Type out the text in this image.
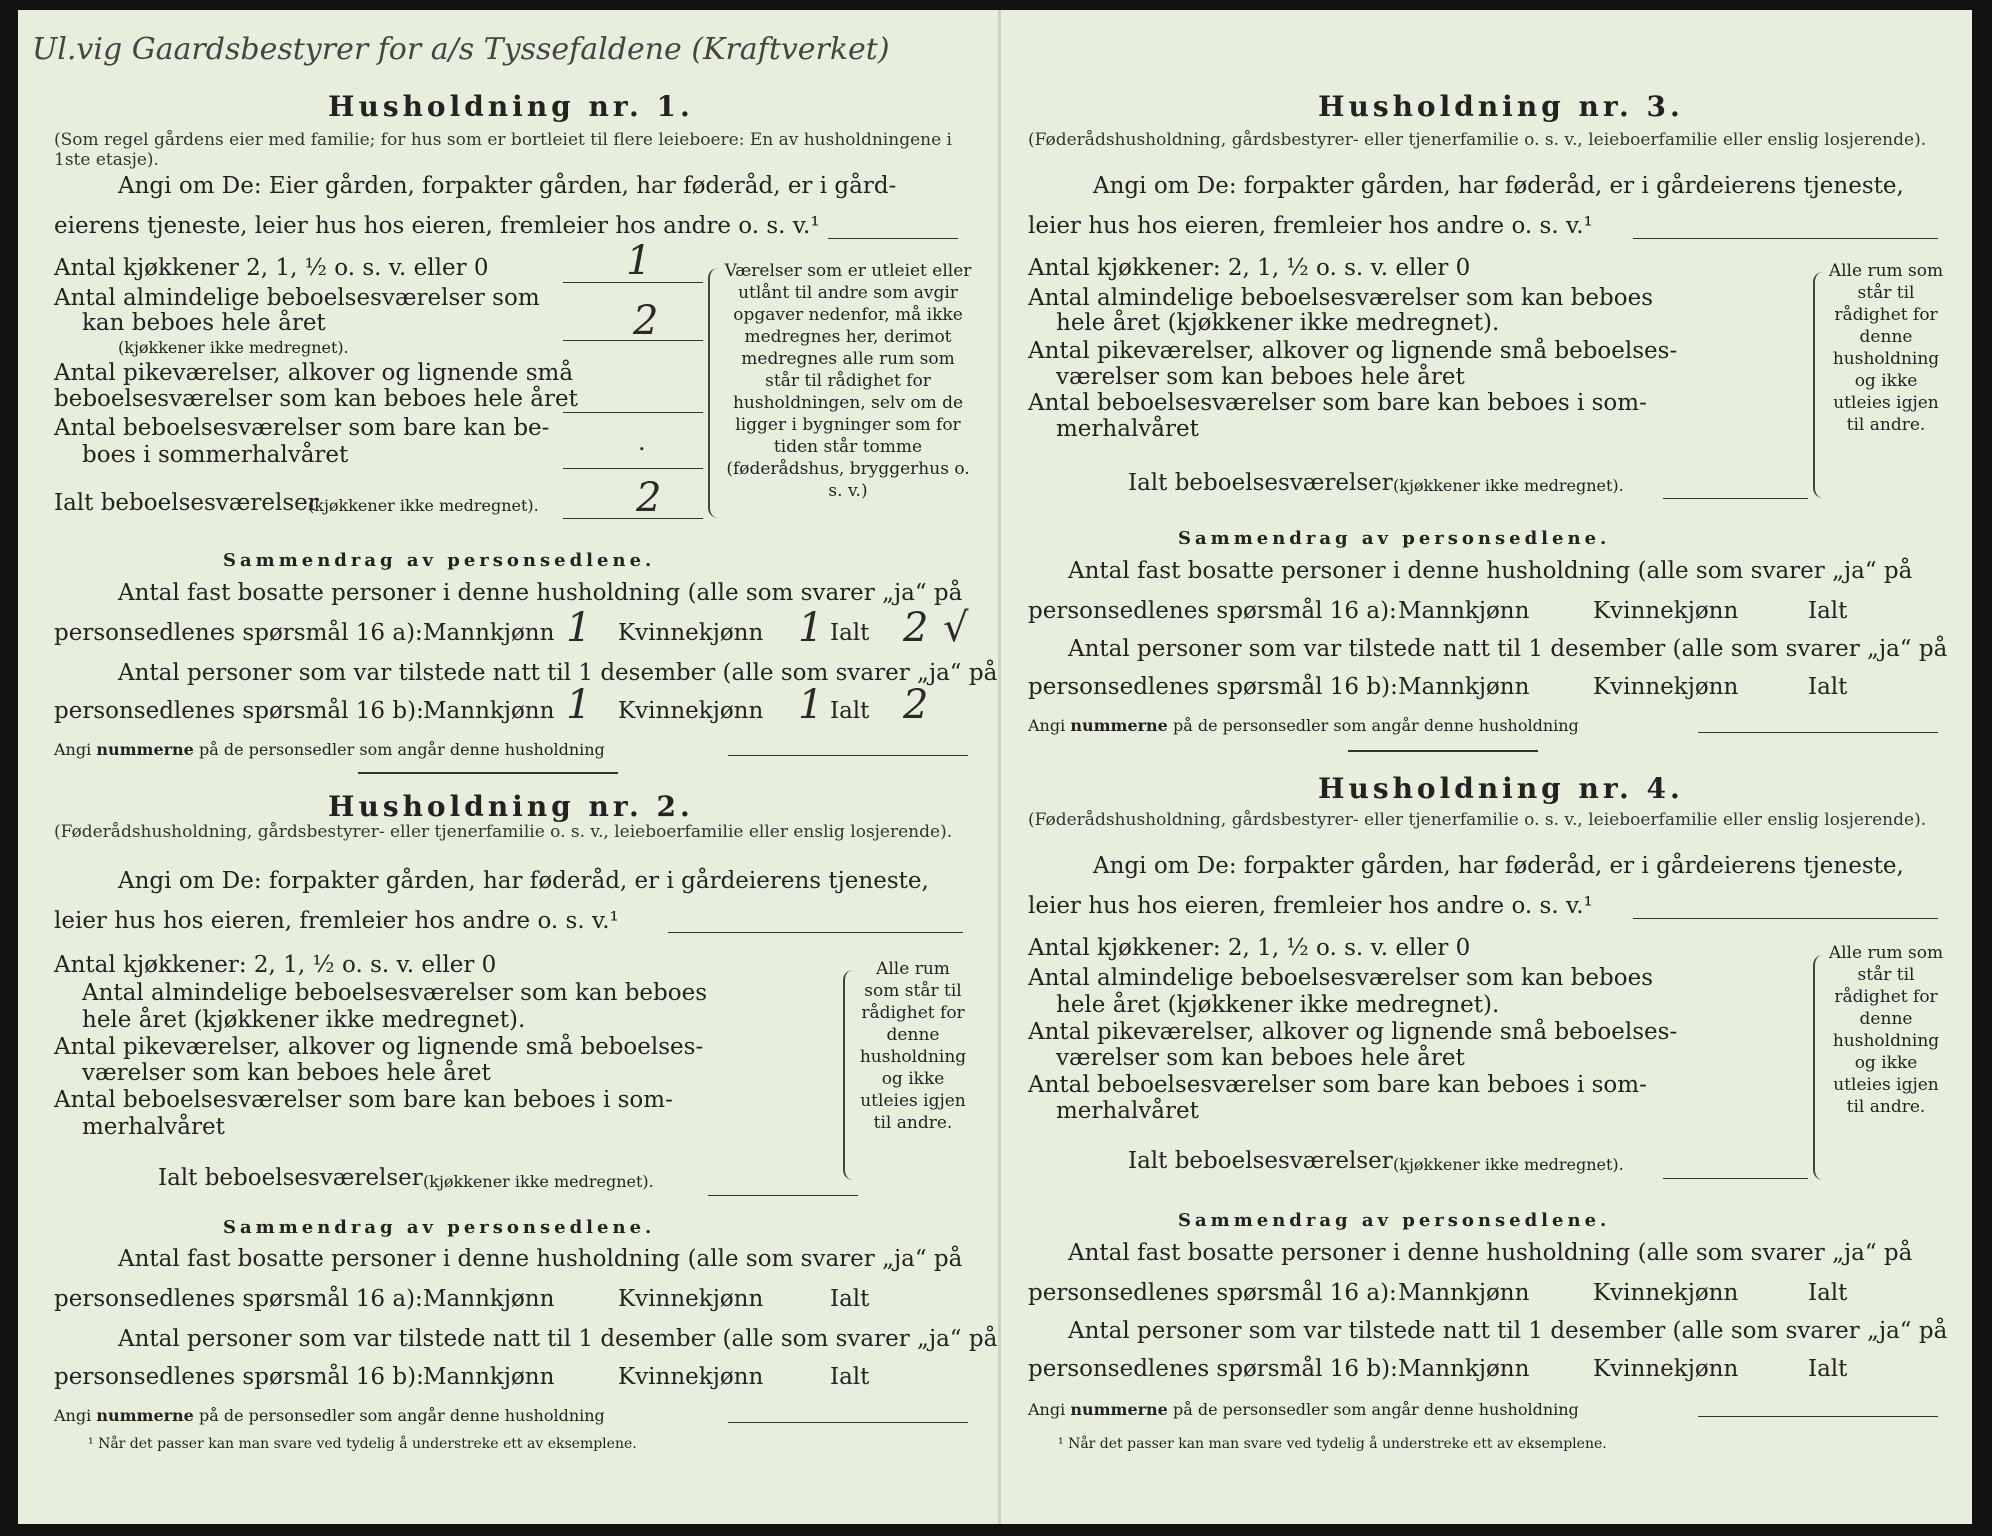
Ul.vig Gaardsbestyrer for a/s Tyssefaldene (Kraftverket)
Husholdning nr. 1.
(Som regel gårdens eier med familie; for hus som er bortleiet til flere leieboere: En av husholdningene i 1ste etasje).
Angi om De: Eier gården, forpakter gården, har føderåd, er i gård-
eierens tjeneste, leier hus hos eieren, fremleier hos andre o. s. v.¹
Antal kjøkkener 2, 1, ½ o. s. v. eller 0	1
Antal almindelige beboelsesværelser som
kan beboes hele året
(kjøkkener ikke medregnet).
2
Antal pikeværelser, alkover og lignende små
beboelsesværelser som kan beboes hele året
Antal beboelsesværelser som bare kan be-
boes i sommerhalvåret	.
Ialt beboelsesværelser
(kjøkkener ikke medregnet). 2
Værelser som er utleiet eller utlånt til andre som avgir opgaver nedenfor, må ikke medregnes her, derimot medregnes alle rum som står til rådighet for husholdningen, selv om de ligger i bygninger som for tiden står tomme (føderådshus, bryggerhus o. s. v.)
Sammendrag av personsedlene.
Antal fast bosatte personer i denne husholdning (alle som svarer „ja“ på
personsedlenes spørsmål 16 a): Mannkjønn 1 Kvinnekjønn 1 Ialt 2 √
Antal personer som var tilstede natt til 1 desember (alle som svarer „ja“ på
personsedlenes spørsmål 16 b): Mannkjønn 1 Kvinnekjønn 1 Ialt 2
Angi nummerne på de personsedler som angår denne husholdning
Husholdning nr. 2.
(Føderådshusholdning, gårdsbestyrer- eller tjenerfamilie o. s. v., leieboerfamilie eller enslig losjerende).
Angi om De: forpakter gården, har føderåd, er i gårdeierens tjeneste,
leier hus hos eieren, fremleier hos andre o. s. v.¹
Antal kjøkkener: 2, 1, ½ o. s. v. eller 0
Antal almindelige beboelsesværelser som kan beboes
hele året (kjøkkener ikke medregnet).
Antal pikeværelser, alkover og lignende små beboelses-
værelser som kan beboes hele året
Antal beboelsesværelser som bare kan beboes i som-
merhalvåret
Ialt beboelsesværelser (kjøkkener ikke medregnet).
Alle rum som står til rådighet for denne husholdning og ikke utleies igjen til andre.
Sammendrag av personsedlene.
Antal fast bosatte personer i denne husholdning (alle som svarer „ja“ på
personsedlenes spørsmål 16 a): Mannkjønn	Kvinnekjønn	Ialt
Antal personer som var tilstede natt til 1 desember (alle som svarer „ja“ på
personsedlenes spørsmål 16 b): Mannkjønn	Kvinnekjønn	Ialt
Angi nummerne på de personsedler som angår denne husholdning
¹ Når det passer kan man svare ved tydelig å understreke ett av eksemplene.
Husholdning nr. 3.
(Føderådshusholdning, gårdsbestyrer- eller tjenerfamilie o. s. v., leieboerfamilie eller enslig losjerende).
Angi om De: forpakter gården, har føderåd, er i gårdeierens tjeneste,
leier hus hos eieren, fremleier hos andre o. s. v.¹
Antal kjøkkener: 2, 1, ½ o. s. v. eller 0
Antal almindelige beboelsesværelser som kan beboes
hele året (kjøkkener ikke medregnet).
Antal pikeværelser, alkover og lignende små beboelses-
værelser som kan beboes hele året
Antal beboelsesværelser som bare kan beboes i som-
merhalvåret
Ialt beboelsesværelser (kjøkkener ikke medregnet).
Alle rum som står til rådighet for denne husholdning og ikke utleies igjen til andre.
Sammendrag av personsedlene.
Antal fast bosatte personer i denne husholdning (alle som svarer „ja“ på
personsedlenes spørsmål 16 a): Mannkjønn	Kvinnekjønn	Ialt
Antal personer som var tilstede natt til 1 desember (alle som svarer „ja“ på
personsedlenes spørsmål 16 b): Mannkjønn	Kvinnekjønn	Ialt
Angi nummerne på de personsedler som angår denne husholdning
Husholdning nr. 4.
(Føderådshusholdning, gårdsbestyrer- eller tjenerfamilie o. s. v., leieboerfamilie eller enslig losjerende).
Angi om De: forpakter gården, har føderåd, er i gårdeierens tjeneste,
leier hus hos eieren, fremleier hos andre o. s. v.¹
Antal kjøkkener: 2, 1, ½ o. s. v. eller 0
Antal almindelige beboelsesværelser som kan beboes
hele året (kjøkkener ikke medregnet).
Antal pikeværelser, alkover og lignende små beboelses-
værelser som kan beboes hele året
Antal beboelsesværelser som bare kan beboes i som-
merhalvåret
Ialt beboelsesværelser (kjøkkener ikke medregnet).
Alle rum som står til rådighet for denne husholdning og ikke utleies igjen til andre.
Sammendrag av personsedlene.
Antal fast bosatte personer i denne husholdning (alle som svarer „ja“ på
personsedlenes spørsmål 16 a): Mannkjønn	Kvinnekjønn	Ialt
Antal personer som var tilstede natt til 1 desember (alle som svarer „ja“ på
personsedlenes spørsmål 16 b): Mannkjønn	Kvinnekjønn	Ialt
Angi nummerne på de personsedler som angår denne husholdning
¹ Når det passer kan man svare ved tydelig å understreke ett av eksemplene.
